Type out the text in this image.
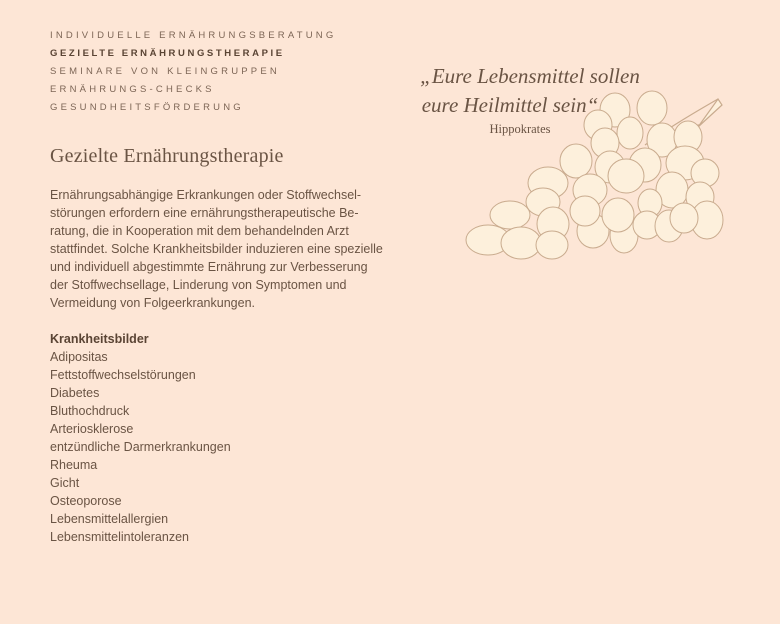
INDIVIDUELLE ERNÄHRUNGSBERATUNG
GEZIELTE ERNÄHRUNGSTHERAPIE
SEMINARE VON KLEINGRUPPEN
ERNÄHRUNGS-CHECKS
GESUNDHEITSFÖRDERUNG
Gezielte Ernährungstherapie

Ernährungsabhängige Erkrankungen oder Stoffwechselstörungen erfordern eine ernährungstherapeutische Beratung, die in Kooperation mit dem behandelnden Arzt stattfindet. Solche Krankheitsbilder induzieren eine spezielle und individuell abgestimmte Ernährung zur Verbesserung der Stoffwechsellage, Linderung von Symptomen und Vermeidung von Folgeerkrankungen.

Krankheitsbilder
Adipositas
Fettstoffwechselstörungen
Diabetes
Bluthochdruck
Arteriosklerose
entzündliche Darmerkrankungen
Rheuma
Gicht
Osteoporose
Lebensmittelallergien
Lebensmittelintoleranzen
„Eure Lebensmittel sollen
eure Heilmittel sein“
Hippokrates
